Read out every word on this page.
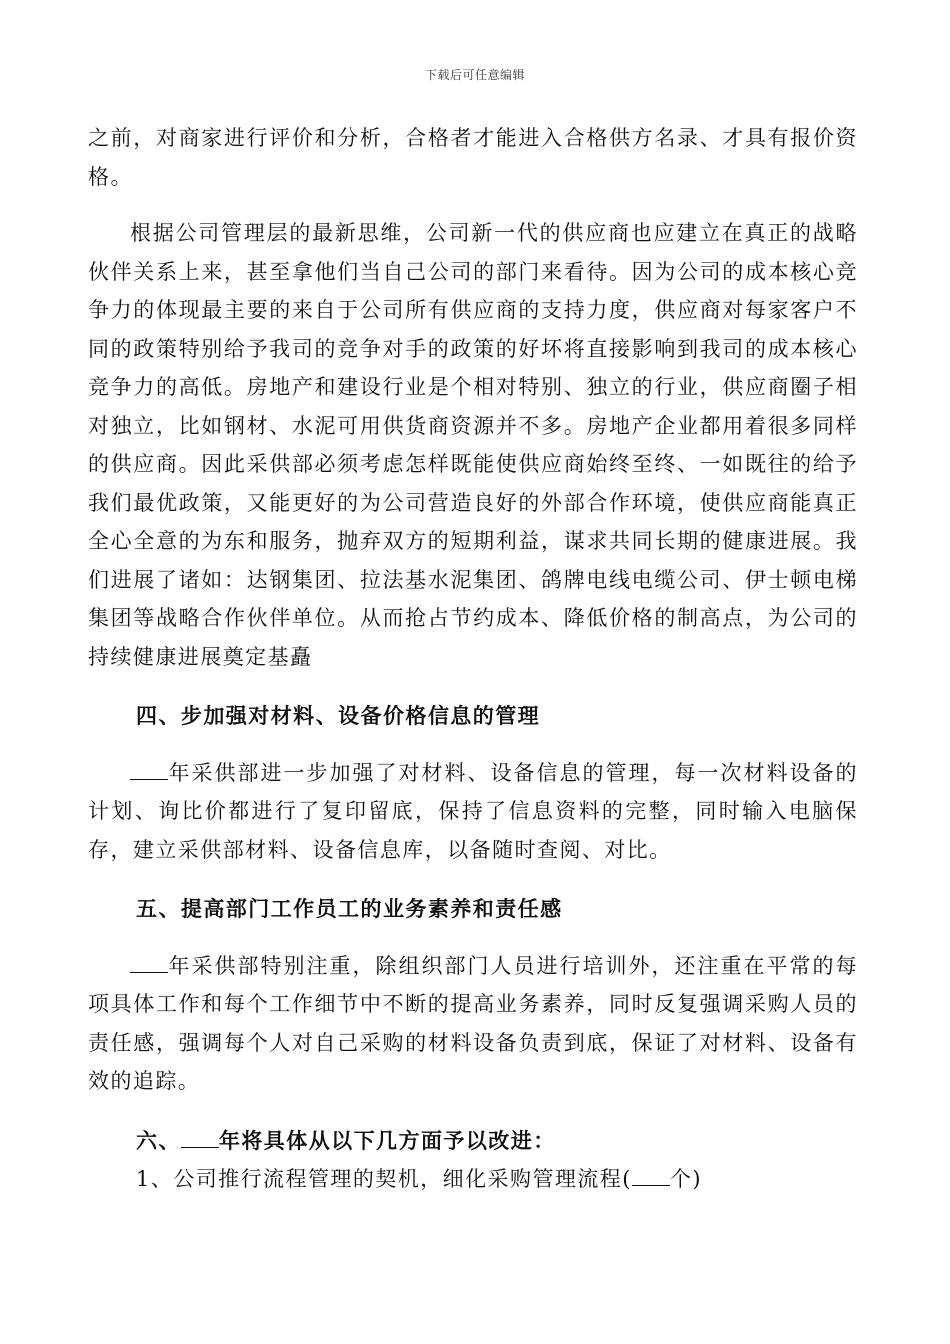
下载后可任意编辑

之前，对商家进行评价和分析，合格者才能进入合格供方名录、才具有报价资格。

根据公司管理层的最新思维，公司新一代的供应商也应建立在真正的战略伙伴关系上来，甚至拿他们当自己公司的部门来看待。因为公司的成本核心竞争力的体现最主要的来自于公司所有供应商的支持力度，供应商对每家客户不同的政策特别给予我司的竞争对手的政策的好坏将直接影响到我司的成本核心竞争力的高低。房地产和建设行业是个相对特别、独立的行业，供应商圈子相对独立，比如钢材、水泥可用供货商资源并不多。房地产企业都用着很多同样的供应商。因此采供部必须考虑怎样既能使供应商始终至终、一如既往的给予我们最优政策，又能更好的为公司营造良好的外部合作环境，使供应商能真正全心全意的为东和服务，抛弃双方的短期利益，谋求共同长期的健康进展。我们进展了诸如：达钢集团、拉法基水泥集团、鸽牌电线电缆公司、伊士顿电梯集团等战略合作伙伴单位。从而抢占节约成本、降低价格的制高点，为公司的持续健康进展奠定基矗

四、步加强对材料、设备价格信息的管理

年采供部进一步加强了对材料、设备信息的管理，每一次材料设备的计划、询比价都进行了复印留底，保持了信息资料的完整，同时输入电脑保存，建立采供部材料、设备信息库，以备随时查阅、对比。

五、提高部门工作员工的业务素养和责任感

年采供部特别注重，除组织部门人员进行培训外，还注重在平常的每项具体工作和每个工作细节中不断的提高业务素养，同时反复强调采购人员的责任感，强调每个人对自己采购的材料设备负责到底，保证了对材料、设备有效的追踪。

六、 年将具体从以下几方面予以改进：

1、公司推行流程管理的契机，细化采购管理流程( 个)
